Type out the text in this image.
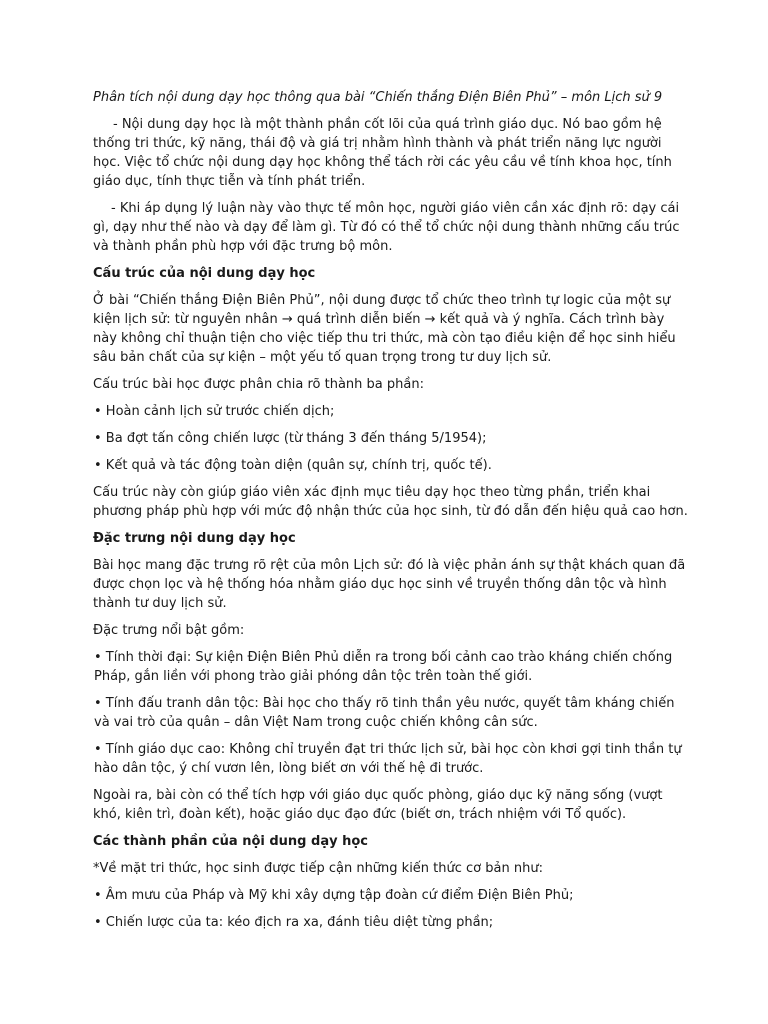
Phân tích nội dung dạy học thông qua bài “Chiến thắng Điện Biên Phủ” – môn Lịch sử 9

- Nội dung dạy học là một thành phần cốt lõi của quá trình giáo dục. Nó bao gồm hệ thống tri thức, kỹ năng, thái độ và giá trị nhằm hình thành và phát triển năng lực người học. Việc tổ chức nội dung dạy học không thể tách rời các yêu cầu về tính khoa học, tính giáo dục, tính thực tiễn và tính phát triển.

- Khi áp dụng lý luận này vào thực tế môn học, người giáo viên cần xác định rõ: dạy cái gì, dạy như thế nào và dạy để làm gì. Từ đó có thể tổ chức nội dung thành những cấu trúc và thành phần phù hợp với đặc trưng bộ môn.

Cấu trúc của nội dung dạy học

Ở bài “Chiến thắng Điện Biên Phủ”, nội dung được tổ chức theo trình tự logic của một sự kiện lịch sử: từ nguyên nhân → quá trình diễn biến → kết quả và ý nghĩa. Cách trình bày này không chỉ thuận tiện cho việc tiếp thu tri thức, mà còn tạo điều kiện để học sinh hiểu sâu bản chất của sự kiện – một yếu tố quan trọng trong tư duy lịch sử.

Cấu trúc bài học được phân chia rõ thành ba phần:

• Hoàn cảnh lịch sử trước chiến dịch;

• Ba đợt tấn công chiến lược (từ tháng 3 đến tháng 5/1954);

• Kết quả và tác động toàn diện (quân sự, chính trị, quốc tế).

Cấu trúc này còn giúp giáo viên xác định mục tiêu dạy học theo từng phần, triển khai phương pháp phù hợp với mức độ nhận thức của học sinh, từ đó dẫn đến hiệu quả cao hơn.

Đặc trưng nội dung dạy học

Bài học mang đặc trưng rõ rệt của môn Lịch sử: đó là việc phản ánh sự thật khách quan đã được chọn lọc và hệ thống hóa nhằm giáo dục học sinh về truyền thống dân tộc và hình thành tư duy lịch sử.

Đặc trưng nổi bật gồm:

• Tính thời đại: Sự kiện Điện Biên Phủ diễn ra trong bối cảnh cao trào kháng chiến chống Pháp, gắn liền với phong trào giải phóng dân tộc trên toàn thế giới.

• Tính đấu tranh dân tộc: Bài học cho thấy rõ tinh thần yêu nước, quyết tâm kháng chiến và vai trò của quân – dân Việt Nam trong cuộc chiến không cân sức.

• Tính giáo dục cao: Không chỉ truyền đạt tri thức lịch sử, bài học còn khơi gợi tinh thần tự hào dân tộc, ý chí vươn lên, lòng biết ơn với thế hệ đi trước.

Ngoài ra, bài còn có thể tích hợp với giáo dục quốc phòng, giáo dục kỹ năng sống (vượt khó, kiên trì, đoàn kết), hoặc giáo dục đạo đức (biết ơn, trách nhiệm với Tổ quốc).

Các thành phần của nội dung dạy học

*Về mặt tri thức, học sinh được tiếp cận những kiến thức cơ bản như:

• Âm mưu của Pháp và Mỹ khi xây dựng tập đoàn cứ điểm Điện Biên Phủ;

• Chiến lược của ta: kéo địch ra xa, đánh tiêu diệt từng phần;
